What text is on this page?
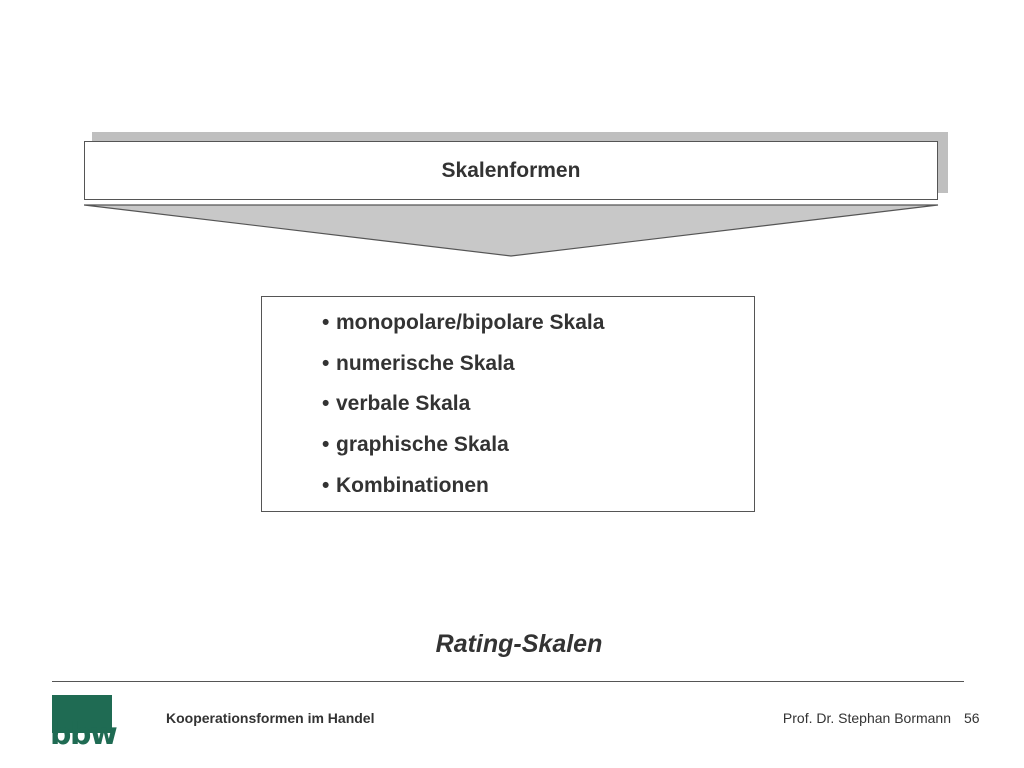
Skalenformen
• monopolare/bipolare Skala
• numerische Skala
• verbale Skala
• graphische Skala
• Kombinationen
Rating-Skalen
bbw	Kooperationsformen im Handel	Prof. Dr. Stephan Bormann 56
